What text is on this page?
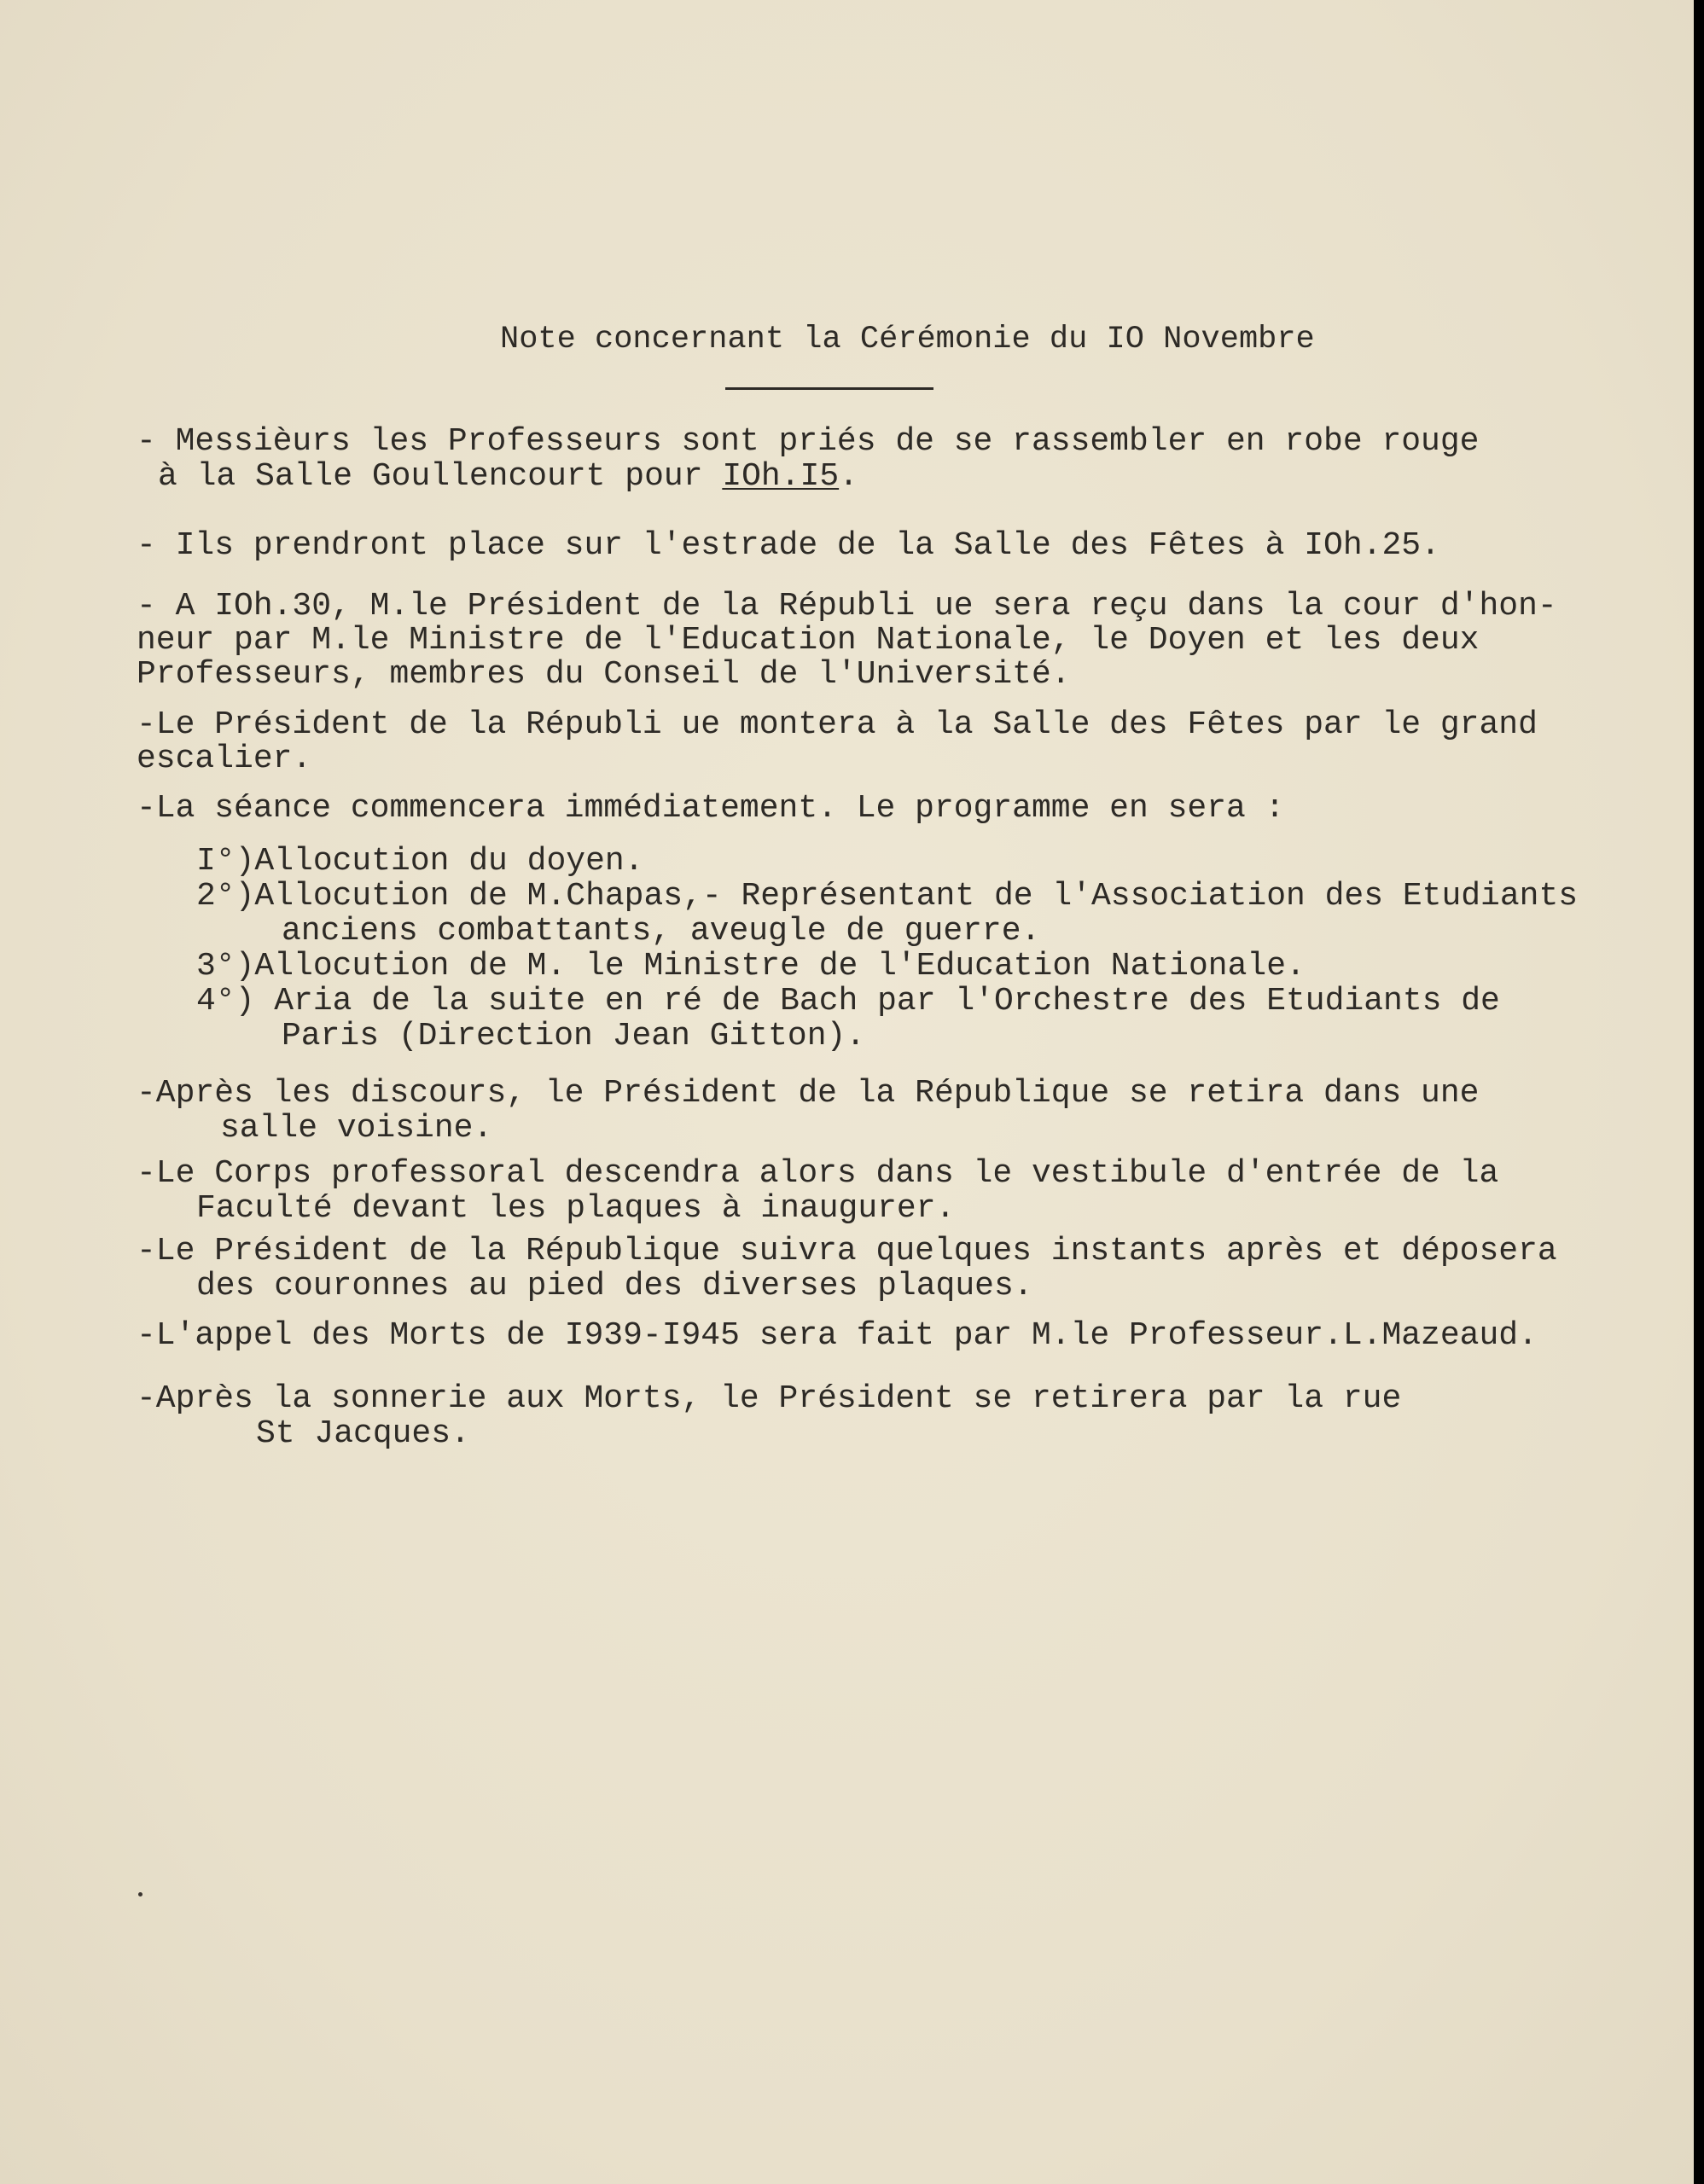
Note concernant la Cérémonie du IO Novembre

- Messièurs les Professeurs sont priés de se rassembler en robe rouge

à la Salle Goullencourt pour IOh.I5.

- Ils prendront place sur l'estrade de la Salle des Fêtes à IOh.25.

- A IOh.30, M.le Président de la Républi ue sera reçu dans la cour d'hon-

neur par M.le Ministre de l'Education Nationale, le Doyen et les deux

Professeurs, membres du Conseil de l'Université.

-Le Président de la Républi ue montera à la Salle des Fêtes par le grand

escalier.

-La séance commencera immédiatement. Le programme en sera :

I°)Allocution du doyen.

2°)Allocution de M.Chapas,- Représentant de l'Association des Etudiants

anciens combattants, aveugle de guerre.

3°)Allocution de M. le Ministre de l'Education Nationale.

4°) Aria de la suite en ré de Bach par l'Orchestre des Etudiants de

Paris (Direction Jean Gitton).

-Après les discours, le Président de la République se retira dans une

salle voisine.

-Le Corps professoral descendra alors dans le vestibule d'entrée de la

Faculté devant les plaques à inaugurer.

-Le Président de la République suivra quelques instants après et déposera

des couronnes au pied des diverses plaques.

-L'appel des Morts de I939-I945 sera fait par M.le Professeur.L.Mazeaud.

-Après la sonnerie aux Morts, le Président se retirera par la rue

St Jacques.
